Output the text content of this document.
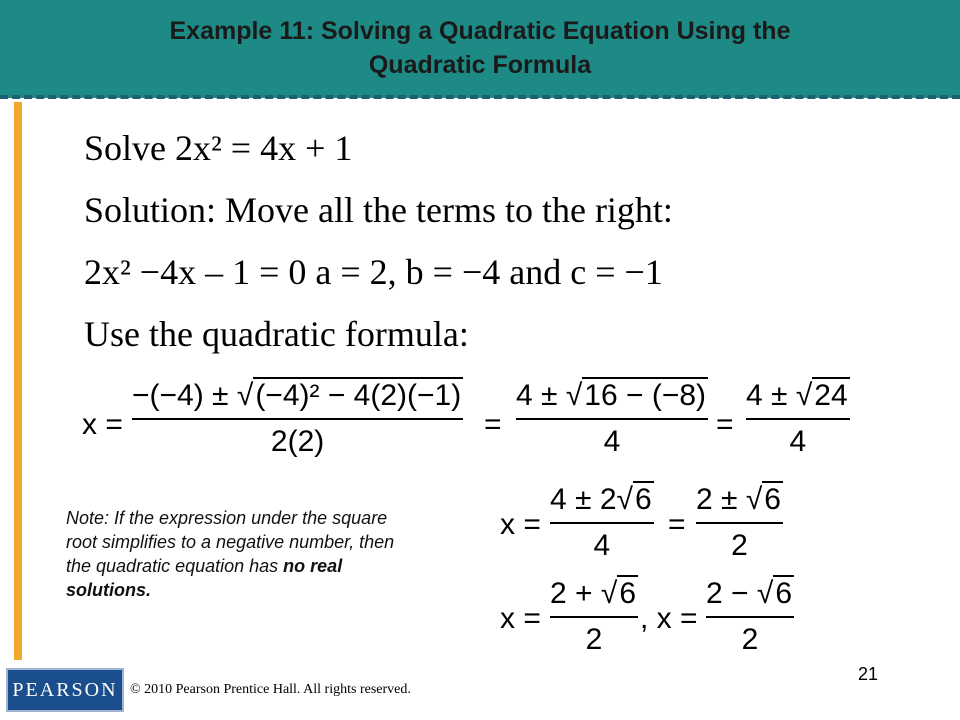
Example 11: Solving a Quadratic Equation Using the
Quadratic Formula
Solve 2x² = 4x + 1
Solution: Move all the terms to the right:
2x² −4x – 1 = 0 a = 2, b = −4 and c = −1
Use the quadratic formula:
x =
−(−4) ± √(−4)² − 4(2)(−1)
2(2)
=
4 ± √16 − (−8)
4
=
4 ± √24
4
Note: If the expression under the square root simplifies to a negative number, then the quadratic equation has no real solutions.
x =
4 ± 2√6
4
=
2 ± √6
2
x =
2 + √6
2
, x =
2 − √6
2
PEARSON © 2010 Pearson Prentice Hall. All rights reserved.
21
